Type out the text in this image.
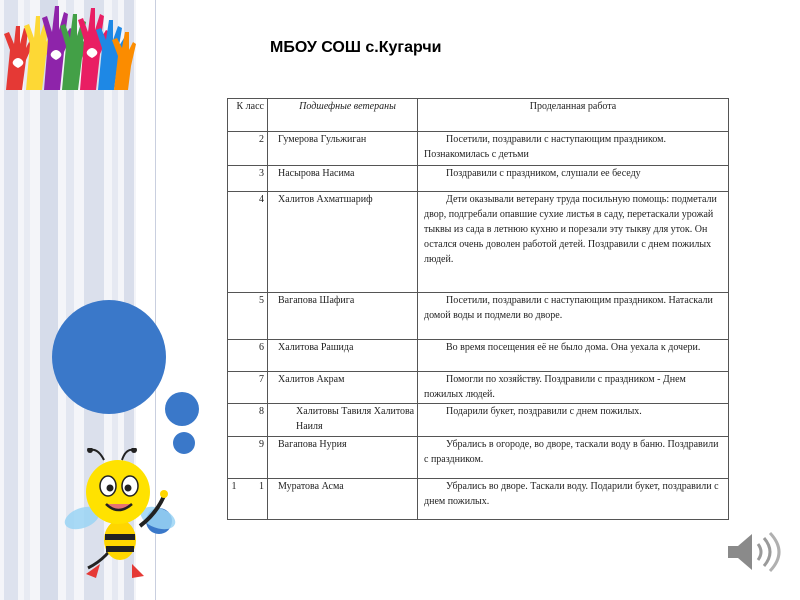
МБОУ СОШ с.Кугарчи
К ласс	Подшефные ветераны	Проделанная работа
2	Гумерова Гульжиган	Посетили, поздравили с наступающим праздником. Познакомилась с детьми
3	Насырова Насима	Поздравили с праздником, слушали ее беседу
4	Халитов Ахматшариф	Дети оказывали ветерану труда посильную помощь: подметали двор, подгребали опавшие сухие листья в саду, перетаскали урожай тыквы из сада в летнюю кухню и порезали эту тыкву для уток. Он остался очень доволен работой детей. Поздравили с днем пожилых людей.
5	Вагапова Шафига	Посетили, поздравили с наступающим праздником. Натаскали домой воды и подмели во дворе.
6	Халитова Рашида	Во время посещения её не было дома. Она уехала к дочери.
7	Халитов Акрам	Помогли по хозяйству. Поздравили с праздником - Днем пожилых людей.
8	Халитовы Тавиля Халитова Наиля	Подарили букет, поздравили с днем пожилых.
9	Вагапова Нурия	Убрались в огороде, во дворе, таскали воду в баню. Поздравили с праздником.
1 1	Муратова Асма	Убрались во дворе. Таскали воду. Подарили букет, поздравили с днем пожилых.
